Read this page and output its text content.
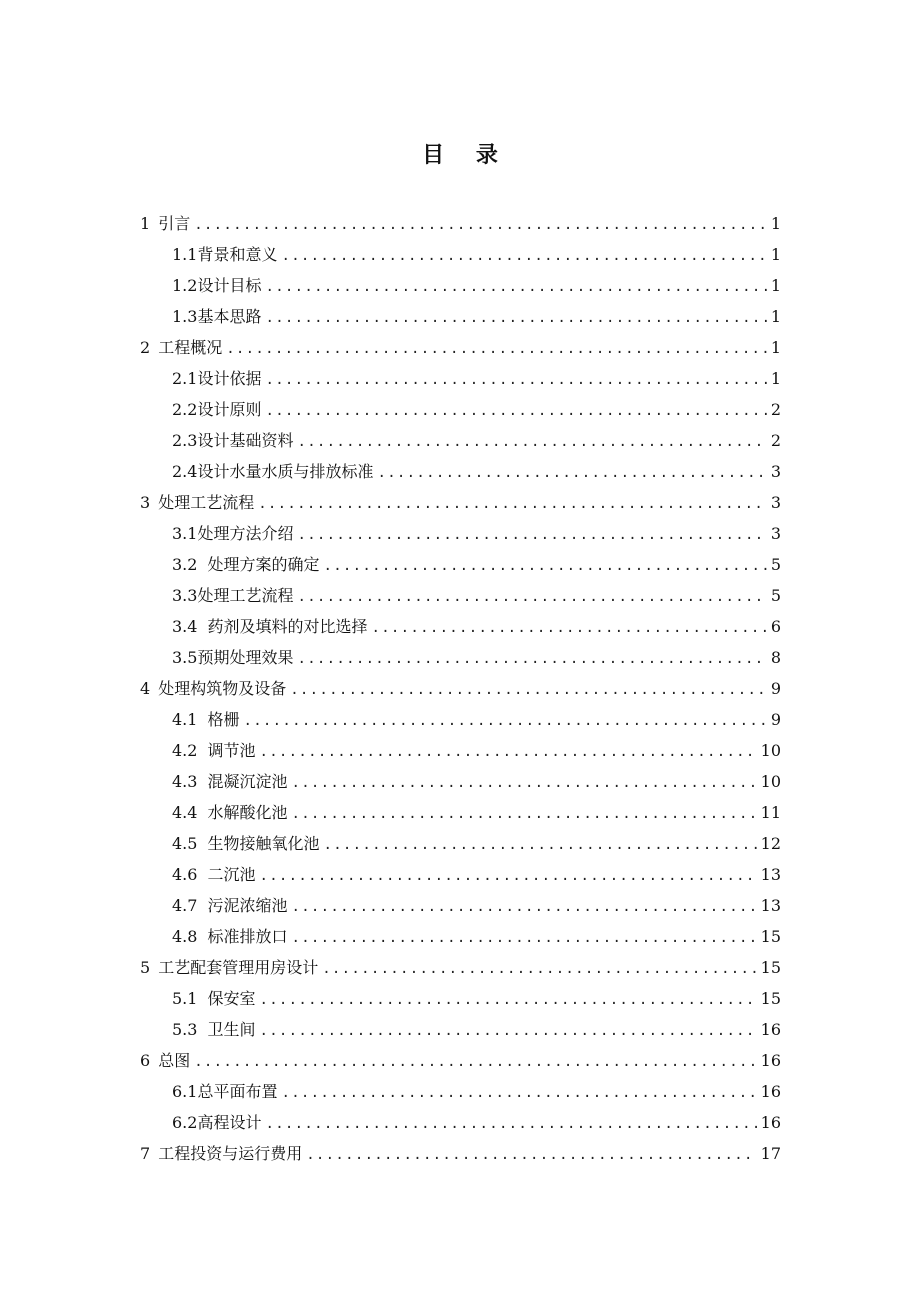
目 录
1 引言 .....	1
1.1背景和意义 .....	1
1.2设计目标 .....	1
1.3基本思路 .....	1
2 工程概况 .....	1
2.1设计依据 .....	1
2.2设计原则 .....	2
2.3设计基础资料 .....	2
2.4设计水量水质与排放标准 .....	3
3 处理工艺流程 .....	3
3.1处理方法介绍 .....	3
3.2 处理方案的确定 .....	5
3.3处理工艺流程 .....	5
3.4 药剂及填料的对比选择 .....	6
3.5预期处理效果 .....	8
4 处理构筑物及设备 .....	9
4.1 格栅 .....	9
4.2 调节池 .....	10
4.3 混凝沉淀池 .....	10
4.4 水解酸化池 .....	11
4.5 生物接触氧化池 .....	12
4.6 二沉池 .....	13
4.7 污泥浓缩池 .....	13
4.8 标准排放口 .....	15
5 工艺配套管理用房设计 .....	15
5.1 保安室 .....	15
5.3 卫生间 .....	16
6 总图 .....	16
6.1总平面布置 .....	16
6.2高程设计 .....	16
7 工程投资与运行费用 .....	17
